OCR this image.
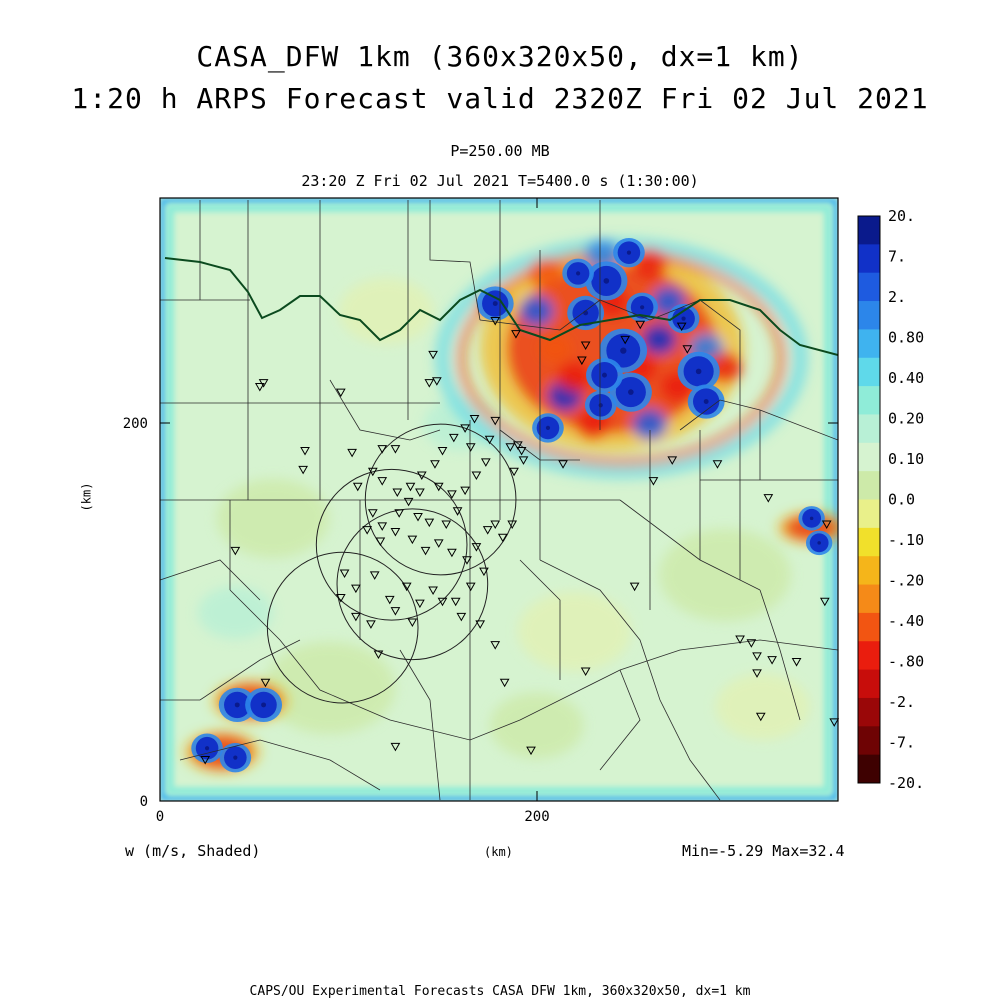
CASA_DFW 1km (360x320x50, dx=1 km)
1:20 h ARPS Forecast valid 2320Z Fri 02 Jul 2021
P=250.00 MB
23:20 Z Fri 02 Jul 2021 T=5400.0 s (1:30:00)
0	200
0
200
20.
7.
2.
0.80
0.40
0.20
0.10
0.0
-.10
-.20
-.40
-.80
-2.
-7.
-20.
(km)
(km)
w (m/s, Shaded)	Min=-5.29 Max=32.4
CAPS/OU Experimental Forecasts CASA DFW 1km, 360x320x50, dx=1 km
